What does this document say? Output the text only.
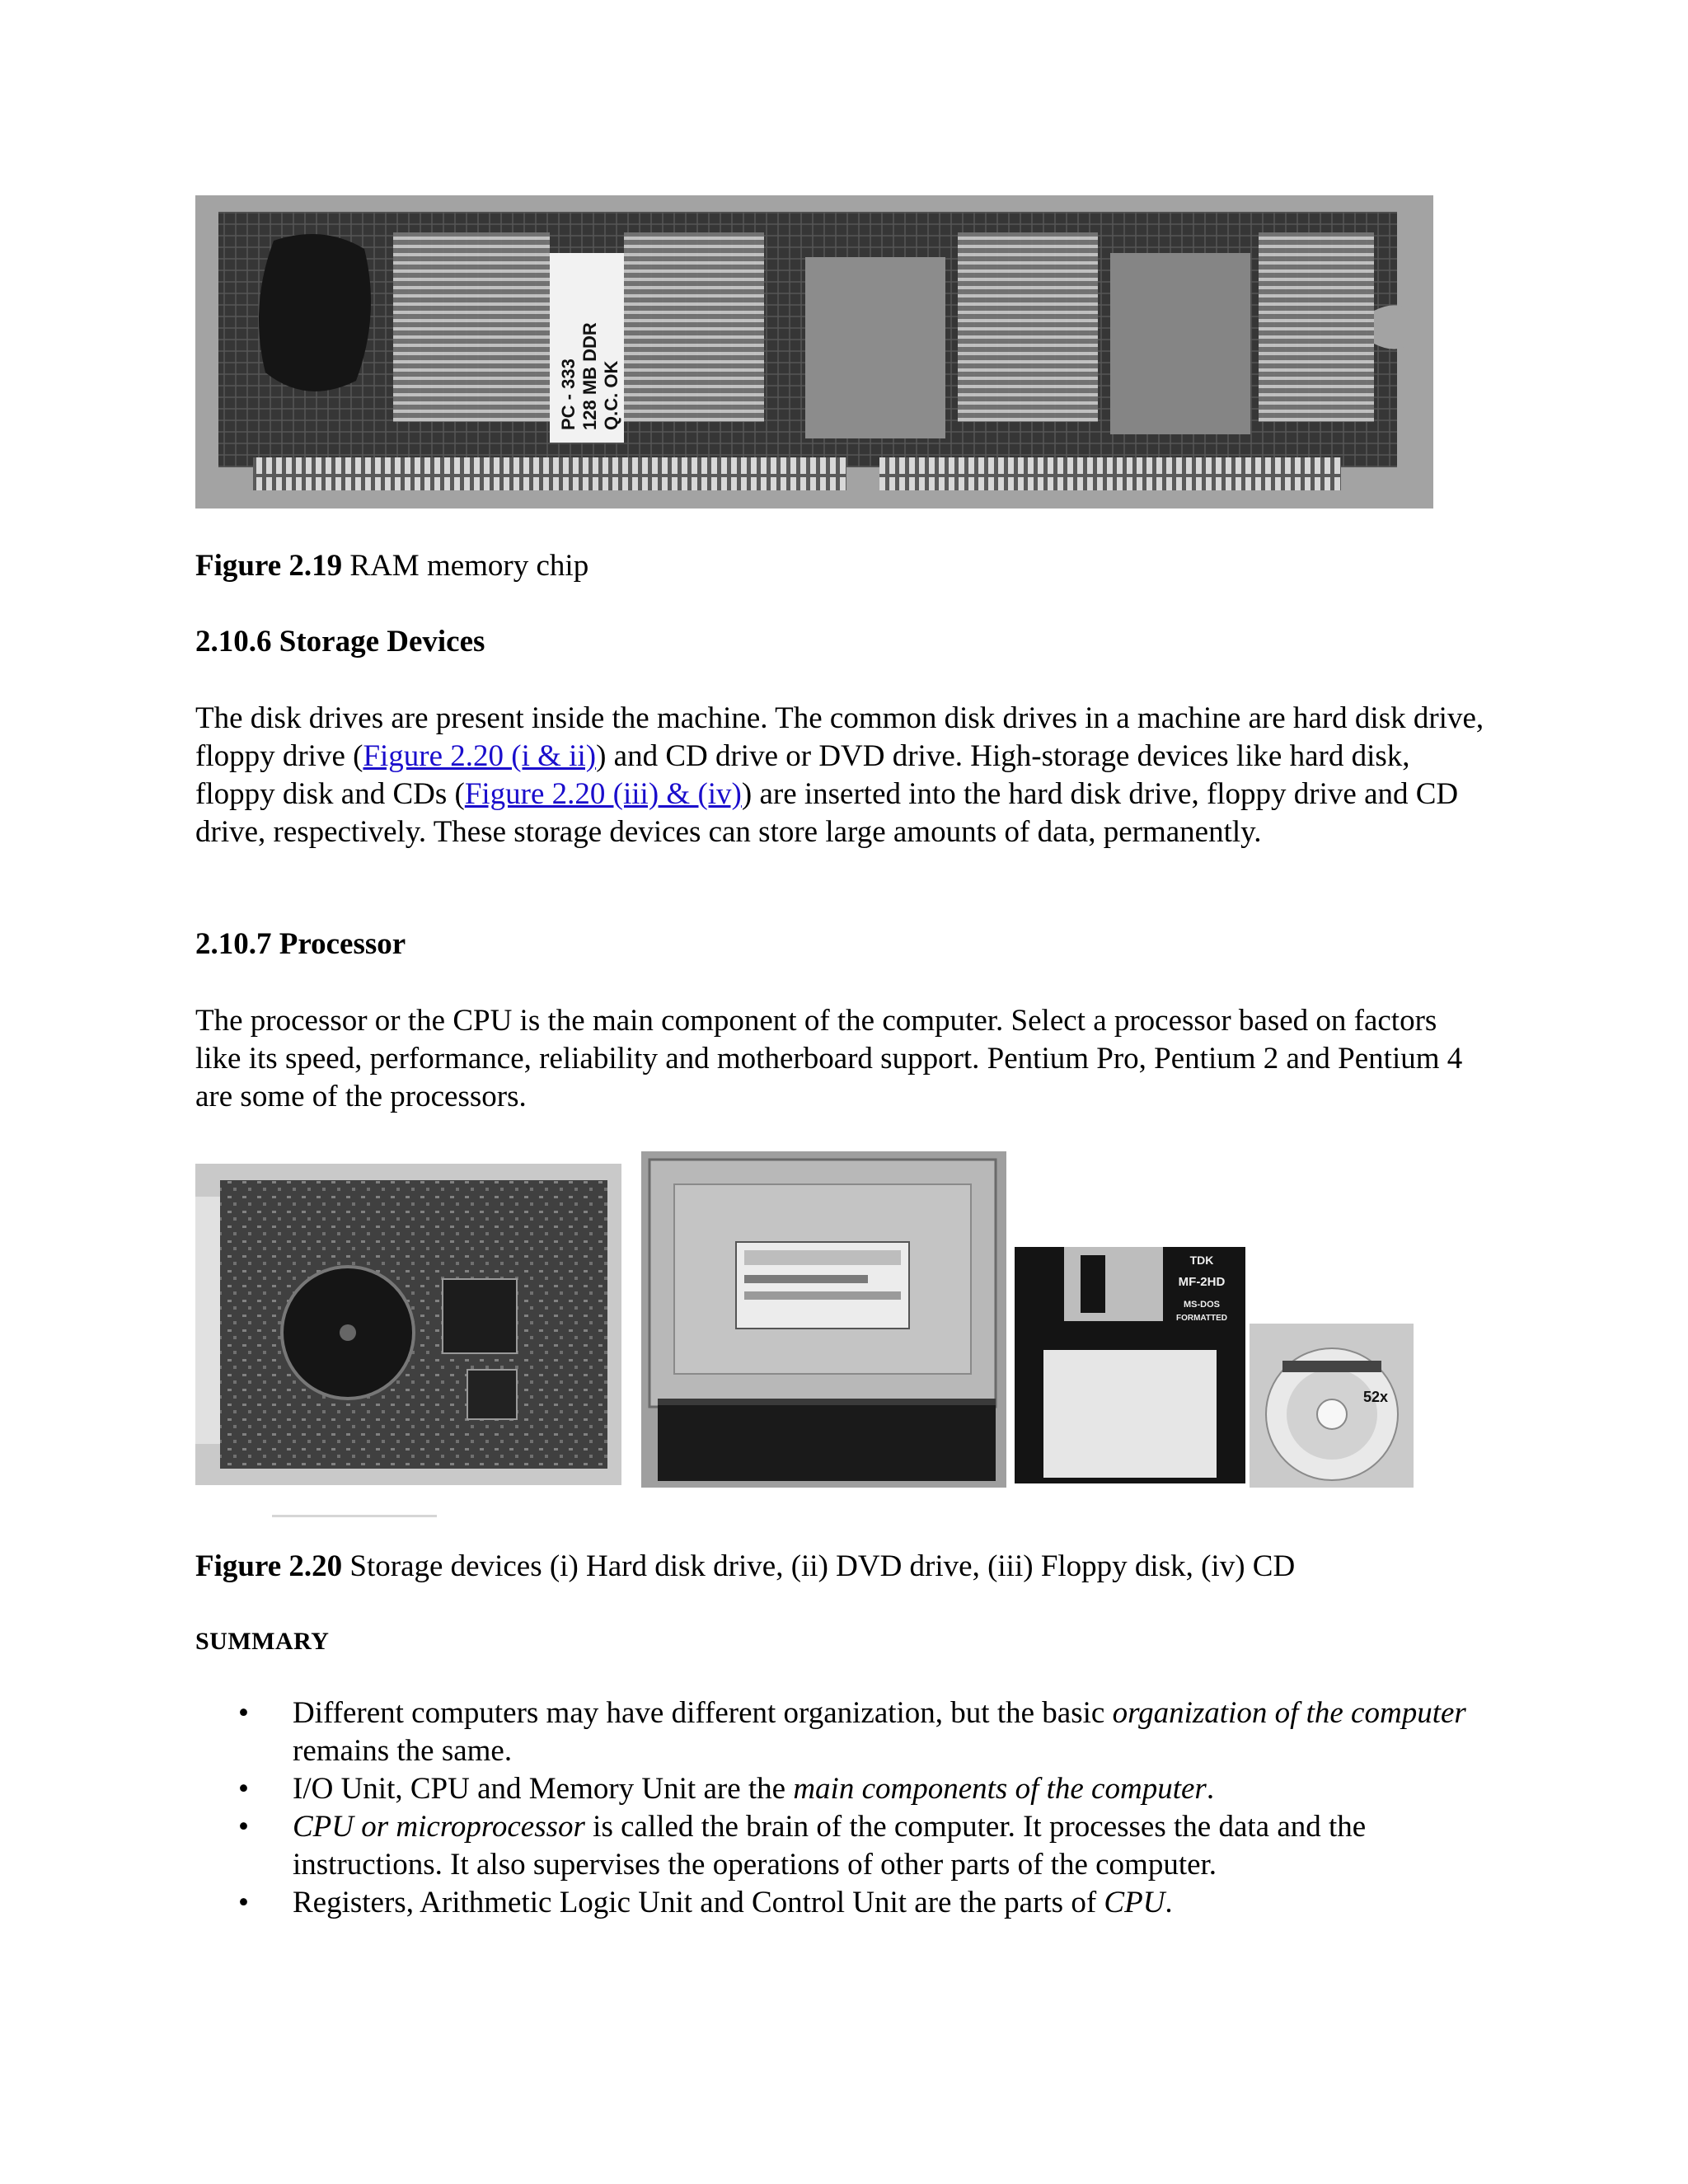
PC - 333 128 MB DDR Q.C. OK

Figure 2.19 RAM memory chip

2.10.6 Storage Devices

The disk drives are present inside the machine. The common disk drives in a machine are hard disk drive, floppy drive (Figure 2.20 (i & ii)) and CD drive or DVD drive. High-storage devices like hard disk, floppy disk and CDs (Figure 2.20 (iii) & (iv)) are inserted into the hard disk drive, floppy drive and CD drive, respectively. These storage devices can store large amounts of data, permanently.

2.10.7 Processor

The processor or the CPU is the main component of the computer. Select a processor based on factors like its speed, performance, reliability and motherboard support. Pentium Pro, Pentium 2 and Pentium 4 are some of the processors.

TDK
MF-2HD
MS-DOS
FORMATTED
52x

Figure 2.20 Storage devices (i) Hard disk drive, (ii) DVD drive, (iii) Floppy disk, (iv) CD

SUMMARY
• Different computers may have different organization, but the basic organization of the computer remains the same.
• I/O Unit, CPU and Memory Unit are the main components of the computer.
• CPU or microprocessor is called the brain of the computer. It processes the data and the instructions. It also supervises the operations of other parts of the computer.
• Registers, Arithmetic Logic Unit and Control Unit are the parts of CPU.
